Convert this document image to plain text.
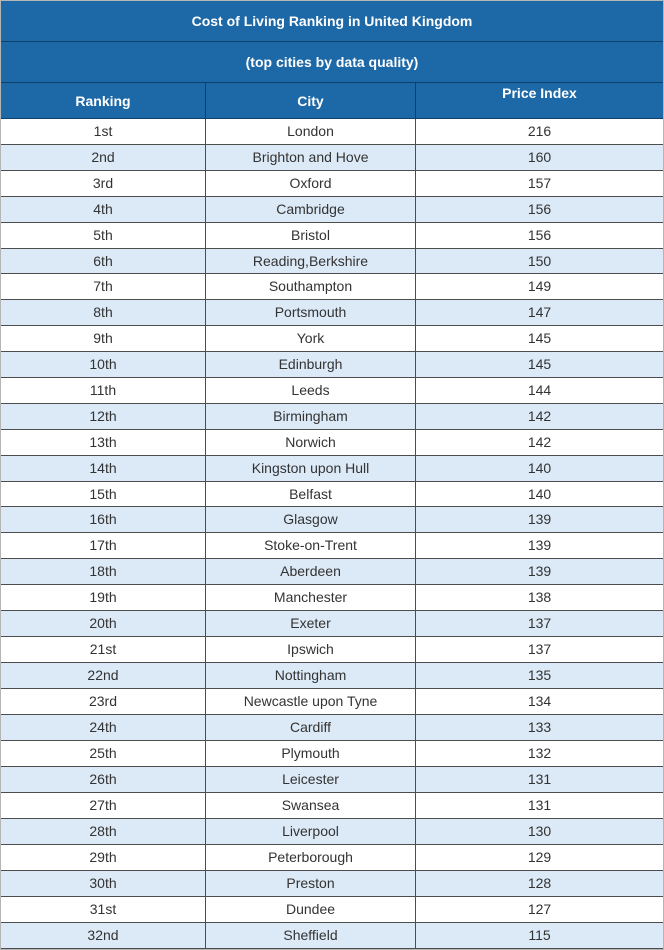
Cost of Living Ranking in United Kingdom
(top cities by data quality)
Ranking	City	Price Index
1st	London	216
2nd	Brighton and Hove	160
3rd	Oxford	157
4th	Cambridge	156
5th	Bristol	156
6th	Reading,Berkshire	150
7th	Southampton	149
8th	Portsmouth	147
9th	York	145
10th	Edinburgh	145
11th	Leeds	144
12th	Birmingham	142
13th	Norwich	142
14th	Kingston upon Hull	140
15th	Belfast	140
16th	Glasgow	139
17th	Stoke-on-Trent	139
18th	Aberdeen	139
19th	Manchester	138
20th	Exeter	137
21st	Ipswich	137
22nd	Nottingham	135
23rd	Newcastle upon Tyne	134
24th	Cardiff	133
25th	Plymouth	132
26th	Leicester	131
27th	Swansea	131
28th	Liverpool	130
29th	Peterborough	129
30th	Preston	128
31st	Dundee	127
32nd	Sheffield	115
